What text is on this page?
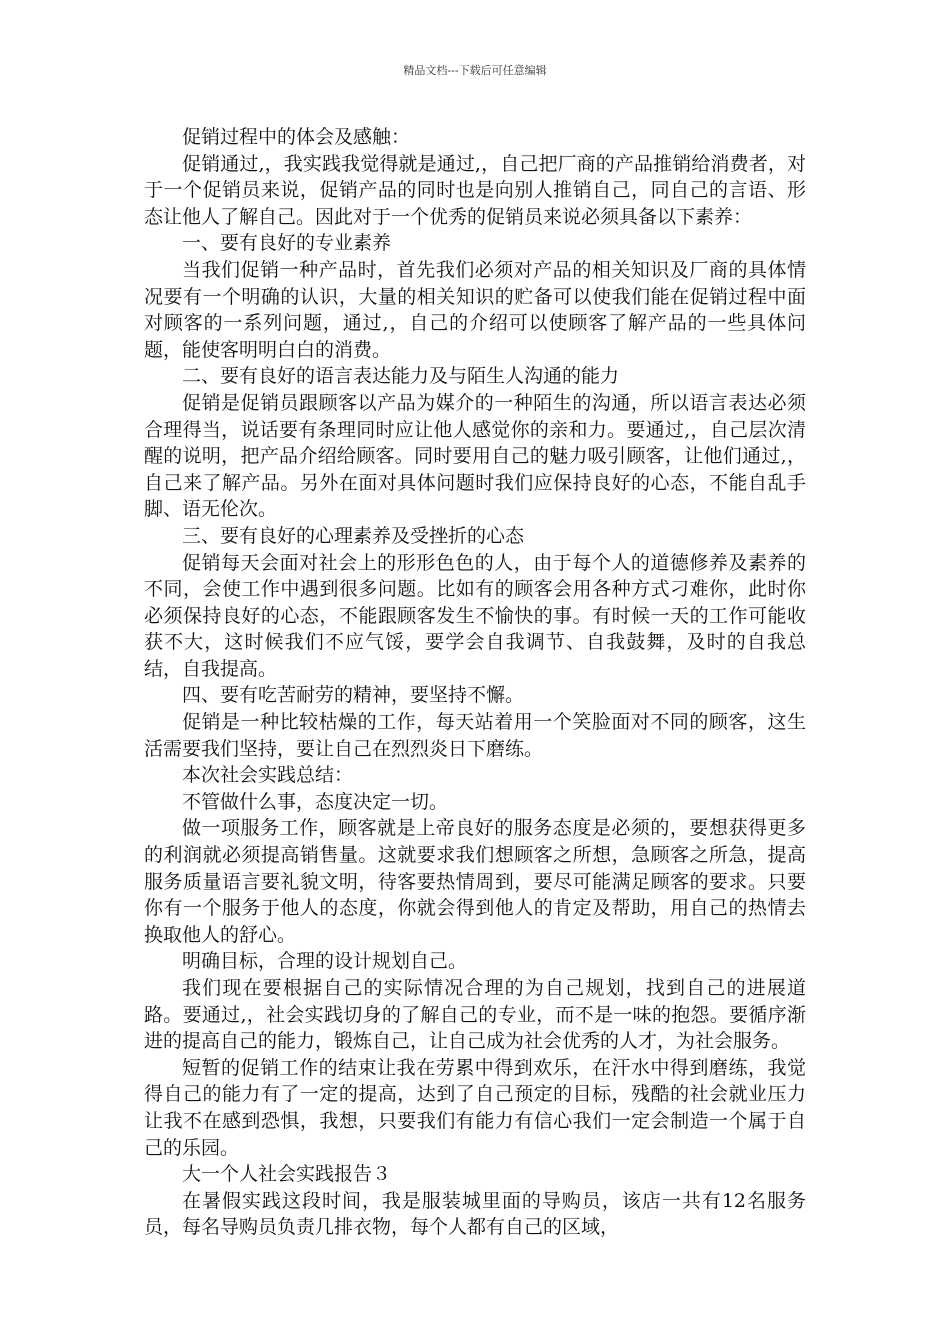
精品文档---下载后可任意编辑

促销过程中的体会及感触：

促销通过,，我实践我觉得就是通过,，自己把厂商的产品推销给消费者，对于一个促销员来说，促销产品的同时也是向别人推销自己，同自己的言语、形态让他人了解自己。因此对于一个优秀的促销员来说必须具备以下素养：

一、要有良好的专业素养

当我们促销一种产品时，首先我们必须对产品的相关知识及厂商的具体情况要有一个明确的认识，大量的相关知识的贮备可以使我们能在促销过程中面对顾客的一系列问题，通过,，自己的介绍可以使顾客了解产品的一些具体问题，能使客明明白白的消费。

二、要有良好的语言表达能力及与陌生人沟通的能力

促销是促销员跟顾客以产品为媒介的一种陌生的沟通，所以语言表达必须合理得当，说话要有条理同时应让他人感觉你的亲和力。要通过,，自己层次清醒的说明，把产品介绍给顾客。同时要用自己的魅力吸引顾客，让他们通过,，自己来了解产品。另外在面对具体问题时我们应保持良好的心态，不能自乱手脚、语无伦次。

三、要有良好的心理素养及受挫折的心态

促销每天会面对社会上的形形色色的人，由于每个人的道德修养及素养的不同，会使工作中遇到很多问题。比如有的顾客会用各种方式刁难你，此时你必须保持良好的心态，不能跟顾客发生不愉快的事。有时候一天的工作可能收获不大，这时候我们不应气馁，要学会自我调节、自我鼓舞，及时的自我总结，自我提高。

四、要有吃苦耐劳的精神，要坚持不懈。

促销是一种比较枯燥的工作，每天站着用一个笑脸面对不同的顾客，这生活需要我们坚持，要让自己在烈烈炎日下磨练。

本次社会实践总结：

不管做什么事，态度决定一切。

做一项服务工作，顾客就是上帝良好的服务态度是必须的，要想获得更多的利润就必须提高销售量。这就要求我们想顾客之所想，急顾客之所急，提高服务质量语言要礼貌文明，待客要热情周到，要尽可能满足顾客的要求。只要你有一个服务于他人的态度，你就会得到他人的肯定及帮助，用自己的热情去换取他人的舒心。

明确目标，合理的设计规划自己。

我们现在要根据自己的实际情况合理的为自己规划，找到自己的进展道路。要通过,，社会实践切身的了解自己的专业，而不是一味的抱怨。要循序渐进的提高自己的能力，锻炼自己，让自己成为社会优秀的人才，为社会服务。

短暂的促销工作的结束让我在劳累中得到欢乐，在汗水中得到磨练，我觉得自己的能力有了一定的提高，达到了自己预定的目标，残酷的社会就业压力让我不在感到恐惧，我想，只要我们有能力有信心我们一定会制造一个属于自己的乐园。

大一个人社会实践报告３

在暑假实践这段时间，我是服装城里面的导购员，该店一共有12名服务员，每名导购员负责几排衣物，每个人都有自己的区域，
